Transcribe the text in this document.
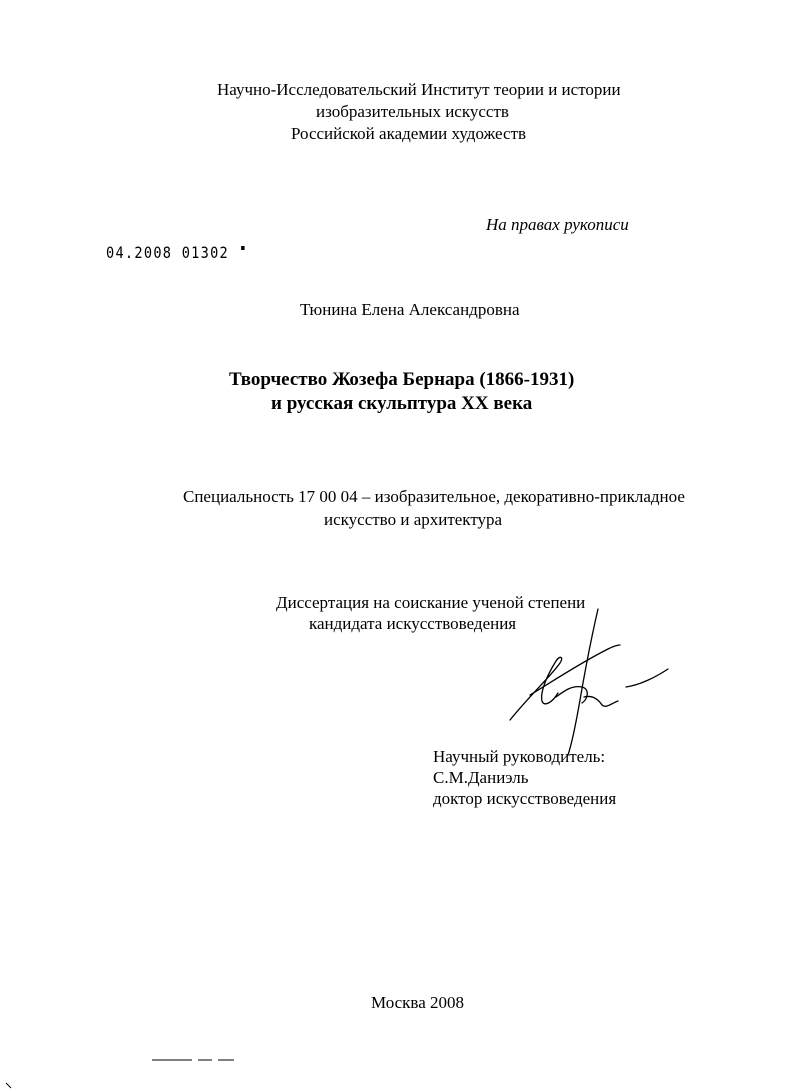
Научно-Исследовательский Институт теории и истории
изобразительных искусств
Российской академии художеств
На правах рукописи
04.2008 01302
Тюнина Елена Александровна
Творчество Жозефа Бернара (1866-1931)
и русская скульптура XX века
Специальность 17 00 04 – изобразительное, декоративно-прикладное
искусство и архитектура
Диссертация на соискание ученой степени
кандидата искусствоведения
Научный руководитель:
С.М.Даниэль
доктор искусствоведения
Москва 2008
